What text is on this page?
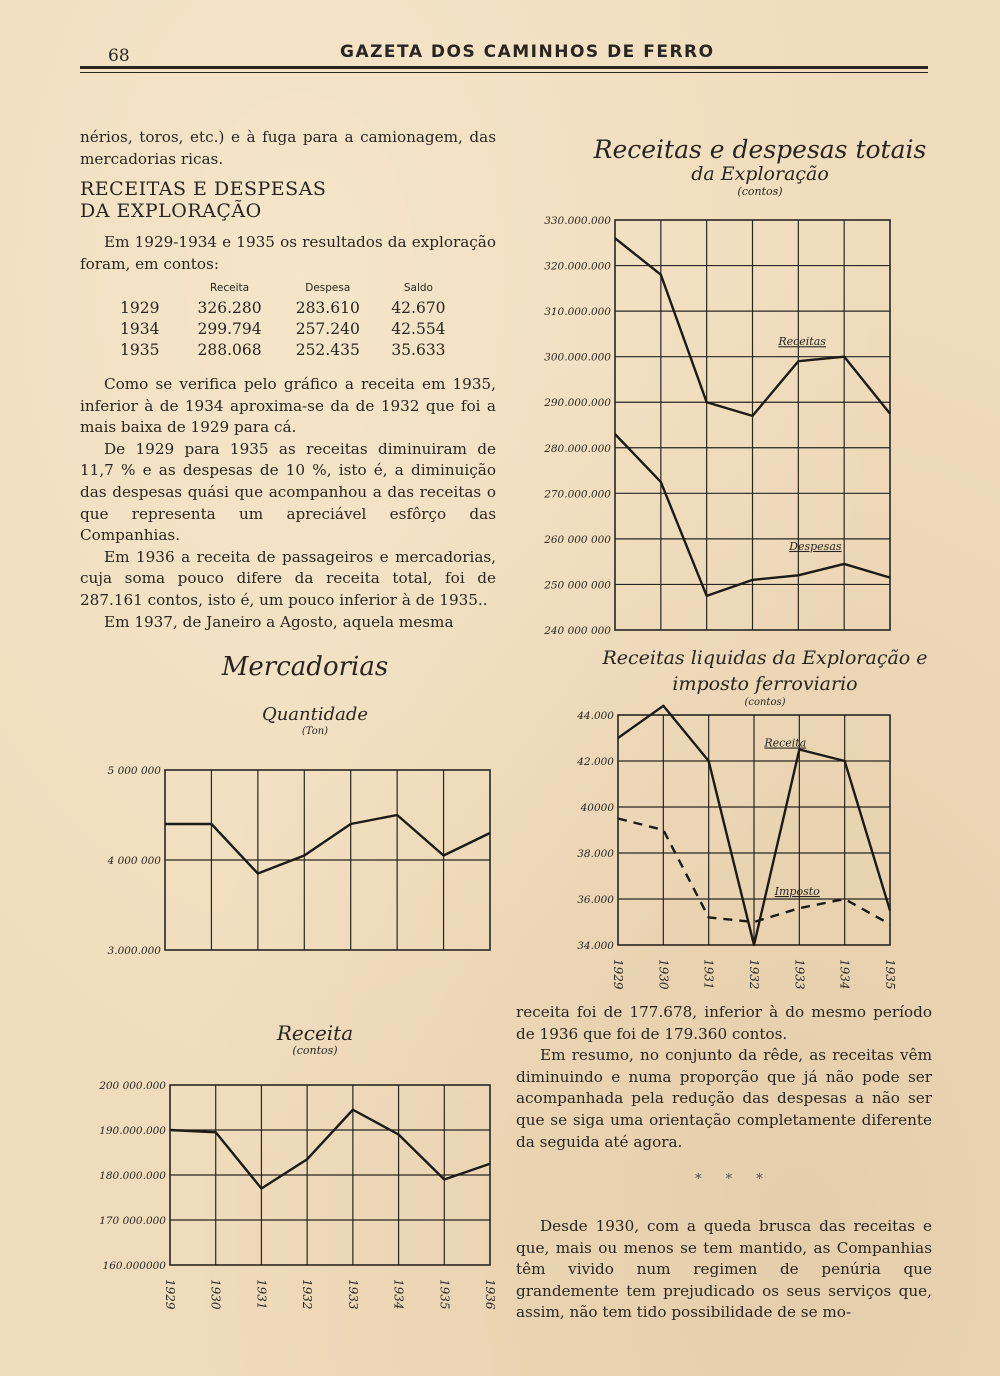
68	GAZETA DOS CAMINHOS DE FERRO

nérios, toros, etc.) e à fuga para a camionagem, das mercadorias ricas.

RECEITAS E DESPESAS
DA EXPLORAÇÃO

Em 1929-1934 e 1935 os resultados da exploração foram, em contos:

	Receita	Despesa	Saldo
1929	326.280	283.610	42.670
1934	299.794	257.240	42.554
1935	288.068	252.435	35.633

Como se verifica pelo gráfico a receita em 1935, inferior à de 1934 aproxima-se da de 1932 que foi a mais baixa de 1929 para cá.

De 1929 para 1935 as receitas diminuiram de 11,7 % e as despesas de 10 %, isto é, a diminuição das despesas quási que acompanhou a das receitas o que representa um apreciável esfôrço das Companhias.

Em 1936 a receita de passageiros e mercadorias, cuja soma pouco difere da receita total, foi de 287.161 contos, isto é, um pouco inferior à de 1935..

Em 1937, de Janeiro a Agosto, aquela mesma

Mercadorias
Receitas e despesas totais
da Exploração
(contos)
Receitas liquidas da Exploração e imposto ferroviario
(contos)
Quantidade
(Ton)
Receita
(contos)
240 000 000
250 000 000
260 000 000
270.000.000
280.000.000
290.000.000
300.000.000
310.000.000
320.000.000
330.000.000
Receitas
Despesas
34.000
36.000
38.000
40000
42.000
44.000
1929	1930	1931	1932	1933	1934	1935
Receita
Imposto
3.000.000
4 000 000
5 000 000
160.000000
170 000.000
180.000.000
190.000.000
200 000.000
1929	1930	1931	1932	1933	1934	1935	1936

receita foi de 177.678, inferior à do mesmo período de 1936 que foi de 179.360 contos.

Em resumo, no conjunto da rêde, as receitas vêm diminuindo e numa proporção que já não pode ser acompanhada pela redução das despesas a não ser que se siga uma orientação completamente diferente da seguida até agora.

* * *

Desde 1930, com a queda brusca das receitas e que, mais ou menos se tem mantido, as Companhias têm vivido num regimen de penúria que grandemente tem prejudicado os seus serviços que, assim, não tem tido possibilidade de se mo-
